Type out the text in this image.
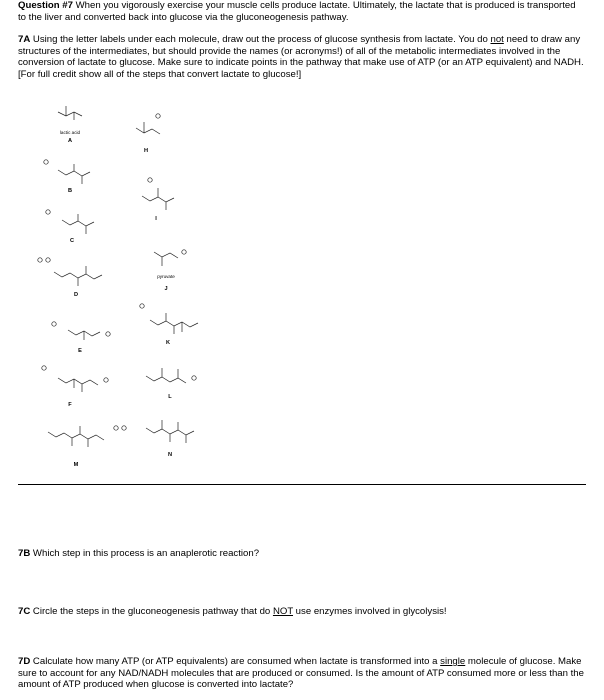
Question #7 When you vigorously exercise your muscle cells produce lactate. Ultimately, the lactate that is produced is transported to the liver and converted back into glucose via the gluconeogenesis pathway.
7A Using the letter labels under each molecule, draw out the process of glucose synthesis from lactate. You do not need to draw any structures of the intermediates, but should provide the names (or acronyms!) of all of the metabolic intermediates involved in the conversion of lactate to glucose. Make sure to indicate points in the pathway that make use of ATP (or an ATP equivalent) and NADH. [For full credit show all of the steps that convert lactate to glucose!]
lactic acid
pyruvate
A
B
C
D
E
F
M
H
I
J
K
L
N
7B Which step in this process is an anaplerotic reaction?
7C Circle the steps in the gluconeogenesis pathway that do NOT use enzymes involved in glycolysis!
7D Calculate how many ATP (or ATP equivalents) are consumed when lactate is transformed into a single molecule of glucose. Make sure to account for any NAD/NADH molecules that are produced or consumed. Is the amount of ATP consumed more or less than the amount of ATP produced when glucose is converted into lactate?
